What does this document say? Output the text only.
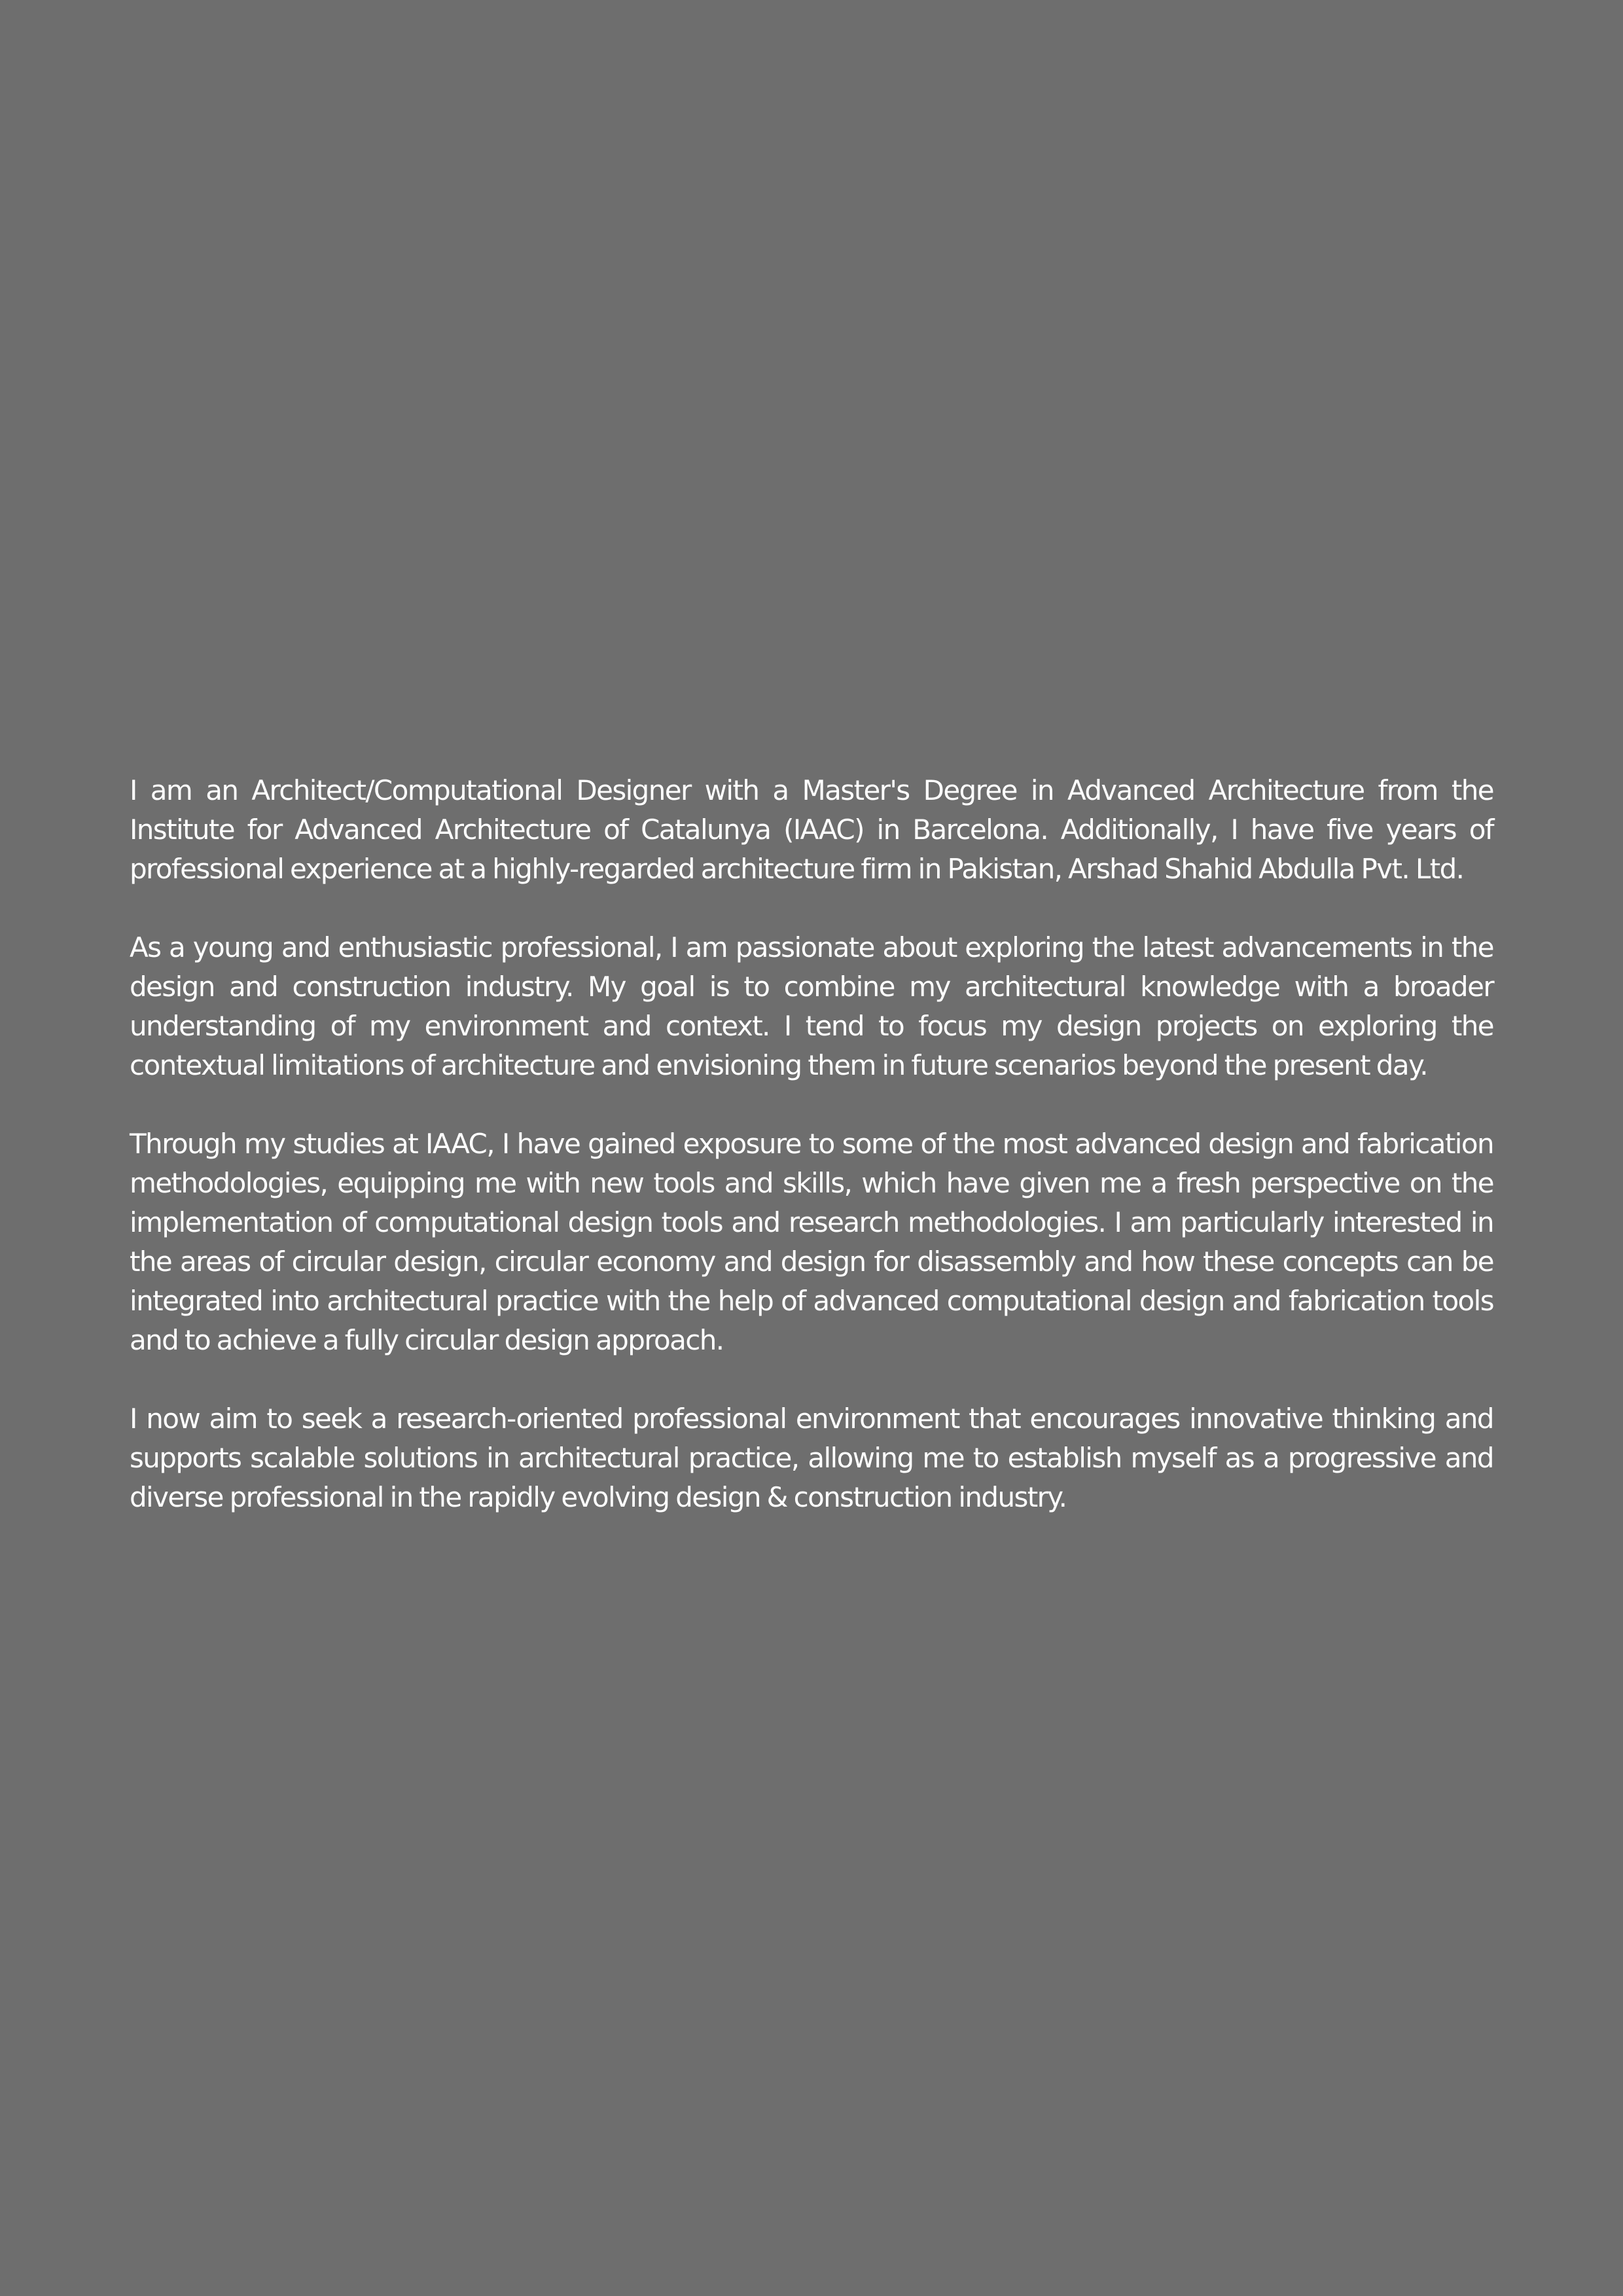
I am an Architect/Computational Designer with a Master's Degree in Advanced Architecture from the Institute for Advanced Architecture of Catalunya (IAAC) in Barcelona. Additionally, I have five years of professional experience at a highly-regarded architecture firm in Pakistan, Arshad Shahid Abdulla Pvt. Ltd.

As a young and enthusiastic professional, I am passionate about exploring the latest advancements in the design and construction industry. My goal is to combine my architectural knowledge with a broader understanding of my environment and context. I tend to focus my design projects on exploring the contextual limitations of architecture and envisioning them in future scenarios beyond the present day.

Through my studies at IAAC, I have gained exposure to some of the most advanced design and fabrication methodologies, equipping me with new tools and skills, which have given me a fresh perspective on the implementation of computational design tools and research methodologies. I am particularly interested in the areas of circular design, circular economy and design for disassembly and how these concepts can be integrated into architectural practice with the help of advanced computational design and fabrication tools and to achieve a fully circular design approach.

I now aim to seek a research-oriented professional environment that encourages innovative thinking and supports scalable solutions in architectural practice, allowing me to establish myself as a progressive and diverse professional in the rapidly evolving design & construction industry.
